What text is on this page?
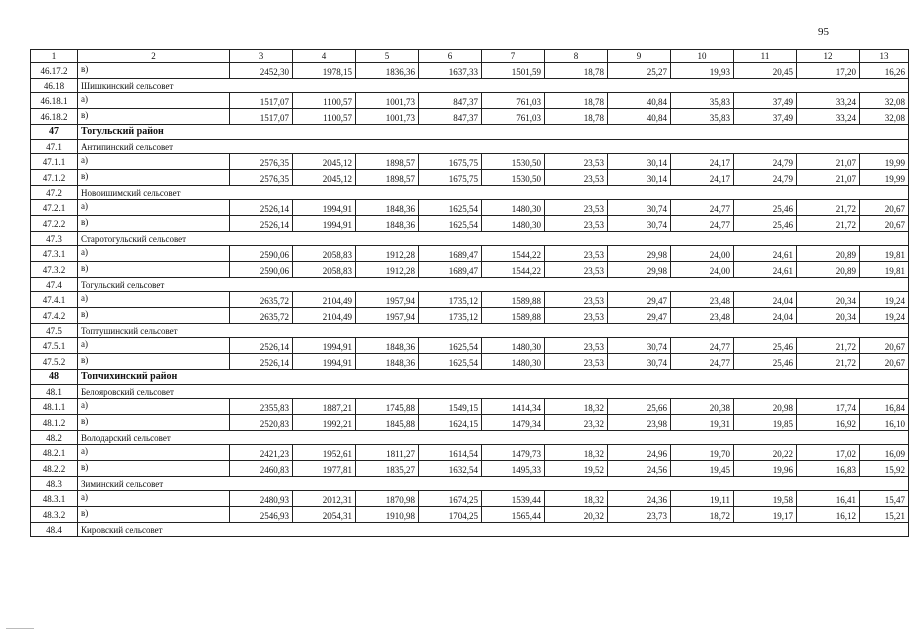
95
1	2	3	4	5	6	7	8	9	10	11	12	13
46.17.2	в)	2452,30	1978,15	1836,36	1637,33	1501,59	18,78	25,27	19,93	20,45	17,20	16,26
46.18	Шишкинский сельсовет											
46.18.1	а)	1517,07	1100,57	1001,73	847,37	761,03	18,78	40,84	35,83	37,49	33,24	32,08
46.18.2	в)	1517,07	1100,57	1001,73	847,37	761,03	18,78	40,84	35,83	37,49	33,24	32,08
47	Тогульский район											
47.1	Антипинский сельсовет											
47.1.1	а)	2576,35	2045,12	1898,57	1675,75	1530,50	23,53	30,14	24,17	24,79	21,07	19,99
47.1.2	в)	2576,35	2045,12	1898,57	1675,75	1530,50	23,53	30,14	24,17	24,79	21,07	19,99
47.2	Новоишимский сельсовет											
47.2.1	а)	2526,14	1994,91	1848,36	1625,54	1480,30	23,53	30,74	24,77	25,46	21,72	20,67
47.2.2	в)	2526,14	1994,91	1848,36	1625,54	1480,30	23,53	30,74	24,77	25,46	21,72	20,67
47.3	Старотогульский сельсовет											
47.3.1	а)	2590,06	2058,83	1912,28	1689,47	1544,22	23,53	29,98	24,00	24,61	20,89	19,81
47.3.2	в)	2590,06	2058,83	1912,28	1689,47	1544,22	23,53	29,98	24,00	24,61	20,89	19,81
47.4	Тогульский сельсовет											
47.4.1	а)	2635,72	2104,49	1957,94	1735,12	1589,88	23,53	29,47	23,48	24,04	20,34	19,24
47.4.2	в)	2635,72	2104,49	1957,94	1735,12	1589,88	23,53	29,47	23,48	24,04	20,34	19,24
47.5	Топтушинский сельсовет											
47.5.1	а)	2526,14	1994,91	1848,36	1625,54	1480,30	23,53	30,74	24,77	25,46	21,72	20,67
47.5.2	в)	2526,14	1994,91	1848,36	1625,54	1480,30	23,53	30,74	24,77	25,46	21,72	20,67
48	Топчихинский район											
48.1	Белояровский сельсовет											
48.1.1	а)	2355,83	1887,21	1745,88	1549,15	1414,34	18,32	25,66	20,38	20,98	17,74	16,84
48.1.2	в)	2520,83	1992,21	1845,88	1624,15	1479,34	23,32	23,98	19,31	19,85	16,92	16,10
48.2	Володарский сельсовет											
48.2.1	а)	2421,23	1952,61	1811,27	1614,54	1479,73	18,32	24,96	19,70	20,22	17,02	16,09
48.2.2	в)	2460,83	1977,81	1835,27	1632,54	1495,33	19,52	24,56	19,45	19,96	16,83	15,92
48.3	Зиминский сельсовет											
48.3.1	а)	2480,93	2012,31	1870,98	1674,25	1539,44	18,32	24,36	19,11	19,58	16,41	15,47
48.3.2	в)	2546,93	2054,31	1910,98	1704,25	1565,44	20,32	23,73	18,72	19,17	16,12	15,21
48.4	Кировский сельсовет											
